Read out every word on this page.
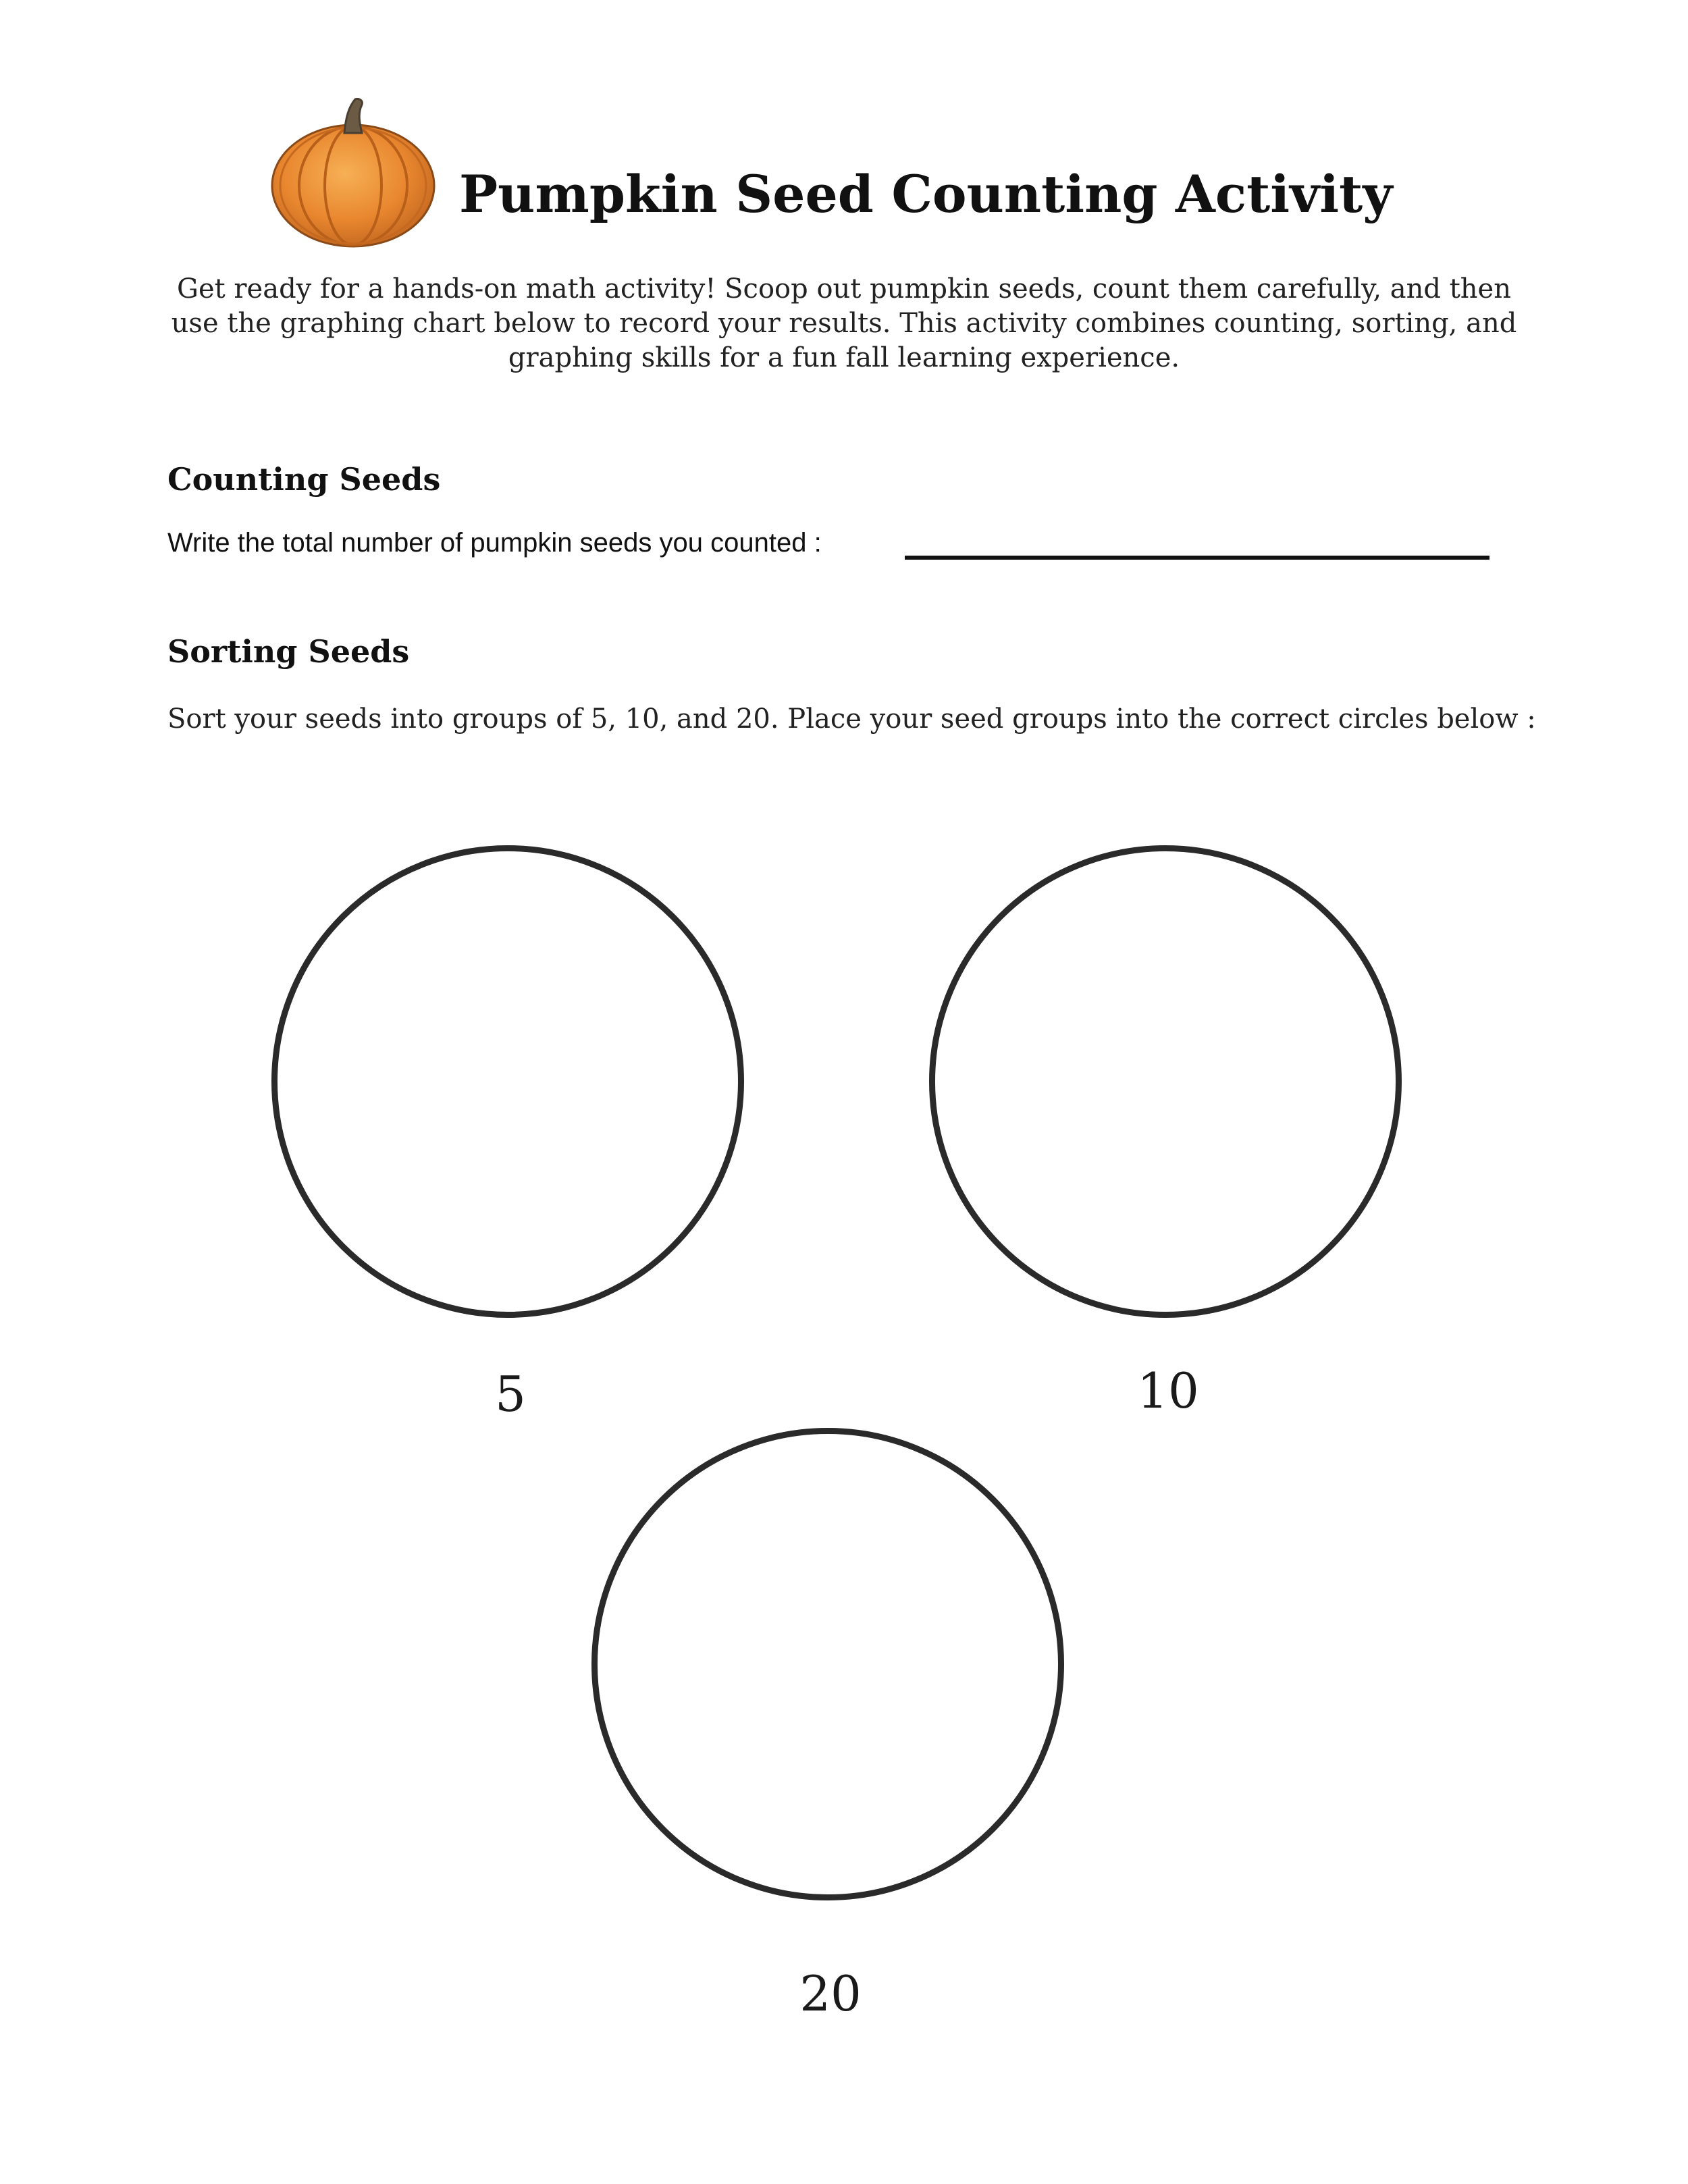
Pumpkin Seed Counting Activity
Get ready for a hands-on math activity! Scoop out pumpkin seeds, count them carefully, and then use the graphing chart below to record your results. This activity combines counting, sorting, and graphing skills for a fun fall learning experience.
Counting Seeds
Write the total number of pumpkin seeds you counted :
Sorting Seeds
Sort your seeds into groups of 5, 10, and 20. Place your seed groups into the correct circles below :
5	10
20
